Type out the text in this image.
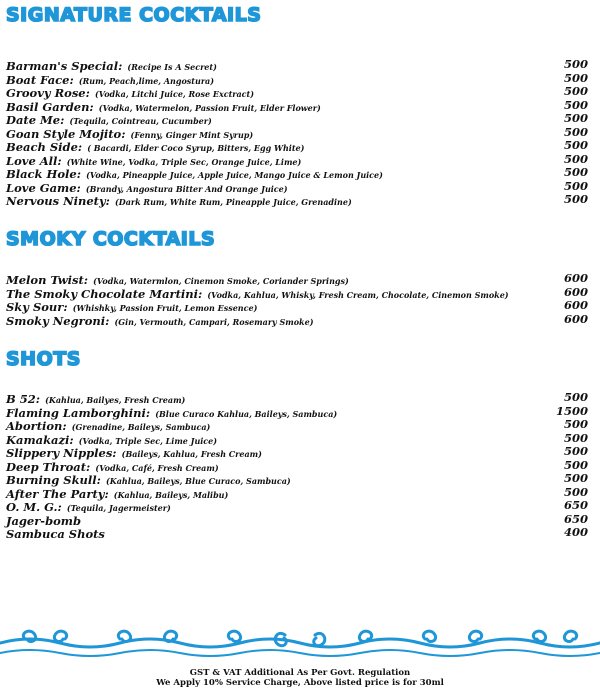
SIGNATURE COCKTAILS
Barman's Special: (Recipe Is A Secret)	500
Boat Face: (Rum, Peach,lime, Angostura)	500
Groovy Rose: (Vodka, Litchi Juice, Rose Exctract)	500
Basil Garden: (Vodka, Watermelon, Passion Fruit, Elder Flower)	500
Date Me: (Tequila, Cointreau, Cucumber)	500
Goan Style Mojito: (Fenny, Ginger Mint Syrup)	500
Beach Side: ( Bacardi, Elder Coco Syrup, Bitters, Egg White)	500
Love All: (White Wine, Vodka, Triple Sec, Orange Juice, Lime)	500
Black Hole: (Vodka, Pineapple Juice, Apple Juice, Mango Juice & Lemon Juice)	500
Love Game: (Brandy, Angostura Bitter And Orange Juice)	500
Nervous Ninety: (Dark Rum, White Rum, Pineapple Juice, Grenadine)	500
SMOKY COCKTAILS
Melon Twist: (Vodka, Watermlon, Cinemon Smoke, Coriander Springs)	600
The Smoky Chocolate Martini: (Vodka, Kahlua, Whisky, Fresh Cream, Chocolate, Cinemon Smoke)	600
Sky Sour: (Whishky, Passion Fruit, Lemon Essence)	600
Smoky Negroni: (Gin, Vermouth, Campari, Rosemary Smoke)	600
SHOTS
B 52: (Kahlua, Bailyes, Fresh Cream)	500
Flaming Lamborghini: (Blue Curaco Kahlua, Baileys, Sambuca)	1500
Abortion: (Grenadine, Baileys, Sambuca)	500
Kamakazi: (Vodka, Triple Sec, Lime Juice)	500
Slippery Nipples: (Baileys, Kahlua, Fresh Cream)	500
Deep Throat: (Vodka, Café, Fresh Cream)	500
Burning Skull: (Kahlua, Baileys, Blue Curaco, Sambuca)	500
After The Party: (Kahlua, Baileys, Malibu)	500
O. M. G.: (Tequila, Jagermeister)	650
Jager-bomb	650
Sambuca Shots	400
GST & VAT Additional As Per Govt. Regulation
We Apply 10% Service Charge, Above listed price is for 30ml
